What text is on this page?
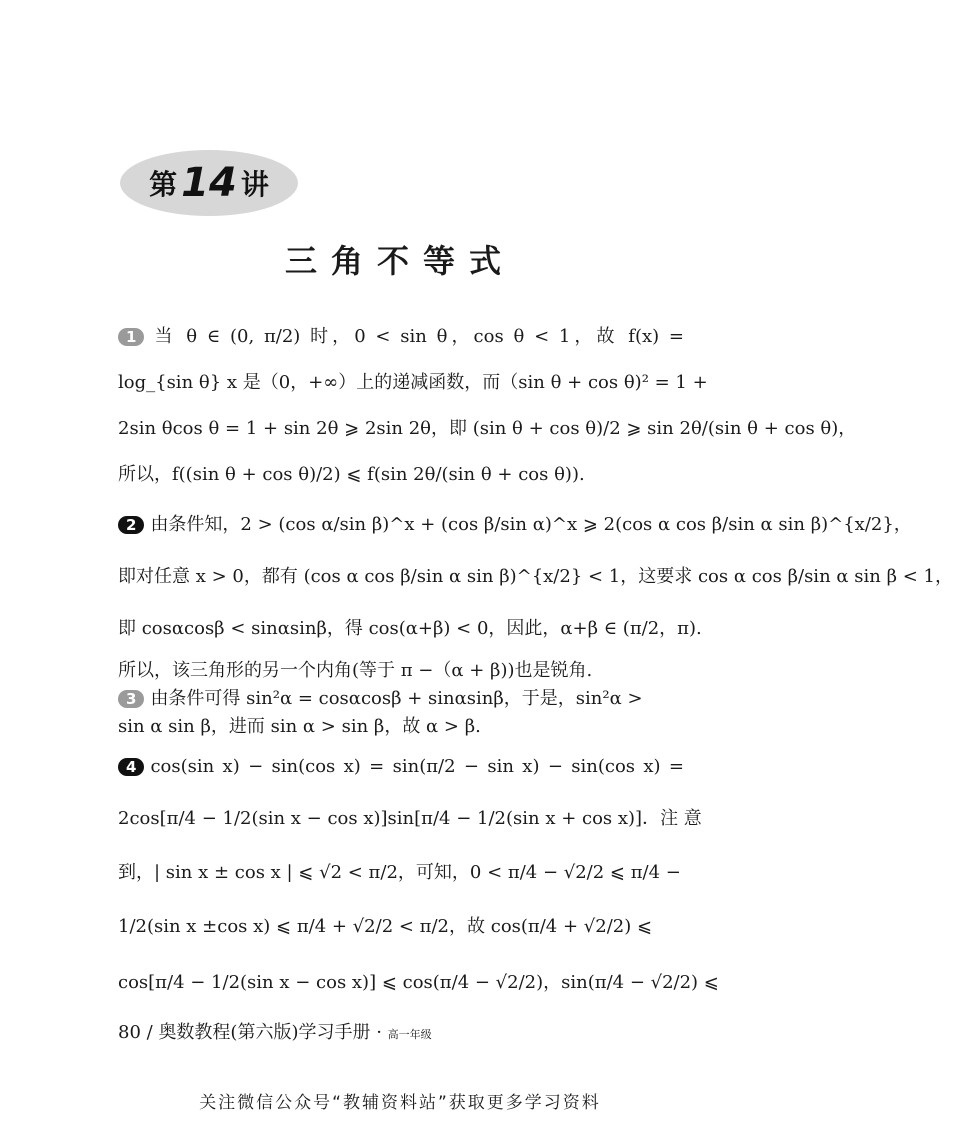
第 14 讲
三角不等式
1 当 θ ∈ (0, π/2) 时，0 < sin θ，cos θ < 1，故 f(x) =
log_{sin θ} x 是（0，+∞）上的递减函数，而（sin θ + cos θ)² = 1 +
2sin θcos θ = 1 + sin 2θ ⩾ 2sin 2θ，即 (sin θ + cos θ)/2 ⩾ sin 2θ/(sin θ + cos θ)，
所以，f((sin θ + cos θ)/2) ⩽ f(sin 2θ/(sin θ + cos θ)).
2 由条件知，2 > (cos α/sin β)^x + (cos β/sin α)^x ⩾ 2(cos α cos β/sin α sin β)^{x/2}，
即对任意 x > 0，都有 (cos α cos β/sin α sin β)^{x/2} < 1，这要求 cos α cos β/sin α sin β < 1，
即 cosαcosβ < sinαsinβ，得 cos(α+β) < 0，因此，α+β ∈ (π/2，π).
所以，该三角形的另一个内角(等于 π −（α + β))也是锐角.
3 由条件可得 sin²α = cosαcosβ + sinαsinβ，于是，sin²α >
sin α sin β，进而 sin α > sin β，故 α > β.
4 cos(sin x) − sin(cos x) = sin(π/2 − sin x) − sin(cos x) =
2cos[π/4 − 1/2(sin x − cos x)]sin[π/4 − 1/2(sin x + cos x)]．注 意
到，| sin x ± cos x | ⩽ √2 < π/2，可知，0 < π/4 − √2/2 ⩽ π/4 −
1/2(sin x ±cos x) ⩽ π/4 + √2/2 < π/2，故 cos(π/4 + √2/2) ⩽
cos[π/4 − 1/2(sin x − cos x)] ⩽ cos(π/4 − √2/2)，sin(π/4 − √2/2) ⩽
80 / 奥数教程(第六版)学习手册 · 高一年级
关注微信公众号“教辅资料站”获取更多学习资料
